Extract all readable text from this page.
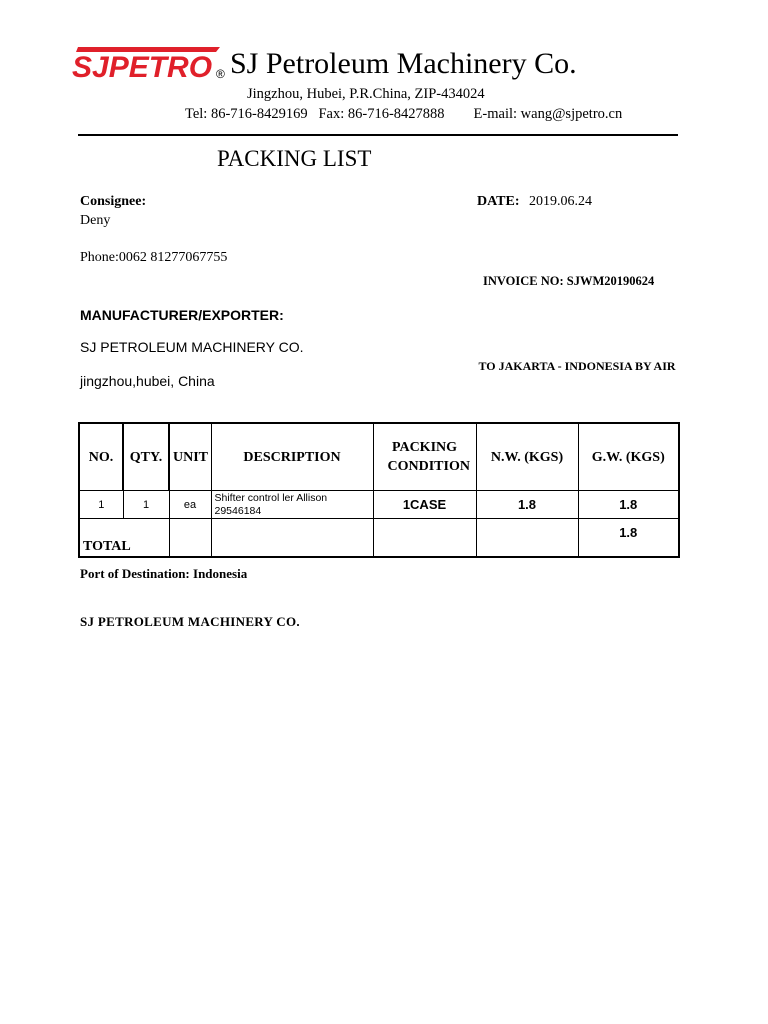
SJPETRO ® SJ Petroleum Machinery Co.
Jingzhou, Hubei, P.R.China, ZIP-434024
Tel: 86-716-8429169   Fax: 86-716-8427888        E-mail: wang@sjpetro.cn
PACKING LIST
Consignee:
Deny
Phone:0062 81277067755
DATE: 2019.06.24
INVOICE NO: SJWM20190624
MANUFACTURER/EXPORTER:
SJ PETROLEUM MACHINERY CO.
jingzhou,hubei, China
TO JAKARTA - INDONESIA BY AIR
NO.	QTY.	UNIT	DESCRIPTION	PACKING CONDITION	N.W. (KGS)	G.W. (KGS)
1	1	ea	Shifter control ler Allison 29546184	1CASE	1.8	1.8
TOTAL						1.8
Port of Destination: Indonesia
SJ PETROLEUM MACHINERY CO.
